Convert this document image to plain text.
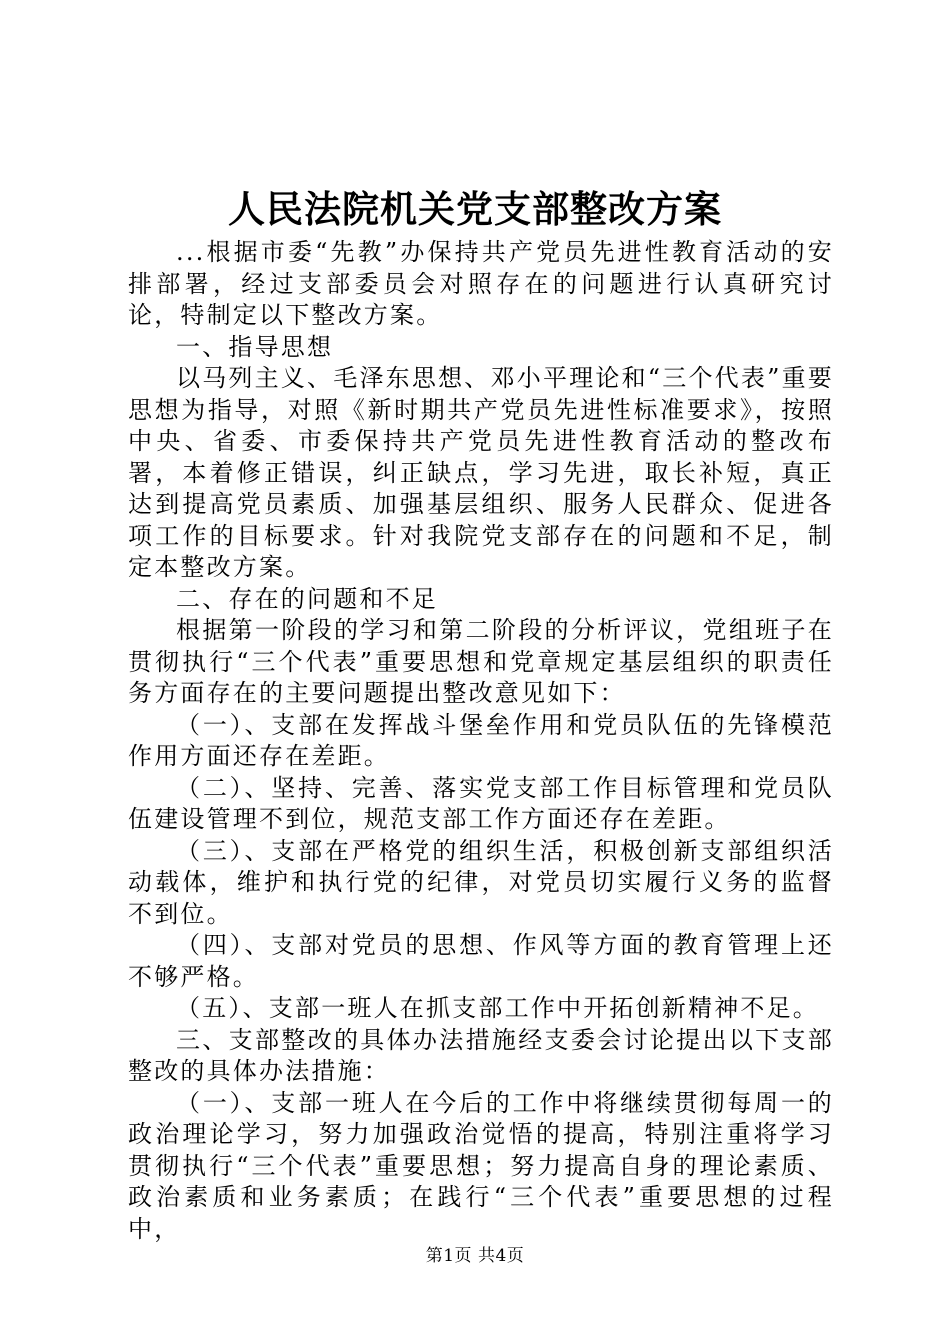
人民法院机关党支部整改方案

...根据市委“先教”办保持共产党员先进性教育活动的安排部署，经过支部委员会对照存在的问题进行认真研究讨论，特制定以下整改方案。

一、指导思想

以马列主义、毛泽东思想、邓小平理论和“三个代表”重要思想为指导，对照《新时期共产党员先进性标准要求》，按照中央、省委、市委保持共产党员先进性教育活动的整改布署，本着修正错误，纠正缺点，学习先进，取长补短，真正达到提高党员素质、加强基层组织、服务人民群众、促进各项工作的目标要求。针对我院党支部存在的问题和不足，制定本整改方案。

二、存在的问题和不足

根据第一阶段的学习和第二阶段的分析评议，党组班子在贯彻执行“三个代表”重要思想和党章规定基层组织的职责任务方面存在的主要问题提出整改意见如下：

（一）、支部在发挥战斗堡垒作用和党员队伍的先锋模范作用方面还存在差距。

（二）、坚持、完善、落实党支部工作目标管理和党员队伍建设管理不到位，规范支部工作方面还存在差距。

（三）、支部在严格党的组织生活，积极创新支部组织活动载体，维护和执行党的纪律，对党员切实履行义务的监督不到位。

（四）、支部对党员的思想、作风等方面的教育管理上还不够严格。

（五）、支部一班人在抓支部工作中开拓创新精神不足。

三、支部整改的具体办法措施经支委会讨论提出以下支部整改的具体办法措施：

（一）、支部一班人在今后的工作中将继续贯彻每周一的政治理论学习，努力加强政治觉悟的提高，特别注重将学习贯彻执行“三个代表”重要思想；努力提高自身的理论素质、政治素质和业务素质；在践行“三个代表”重要思想的过程中，

第1页 共4页
